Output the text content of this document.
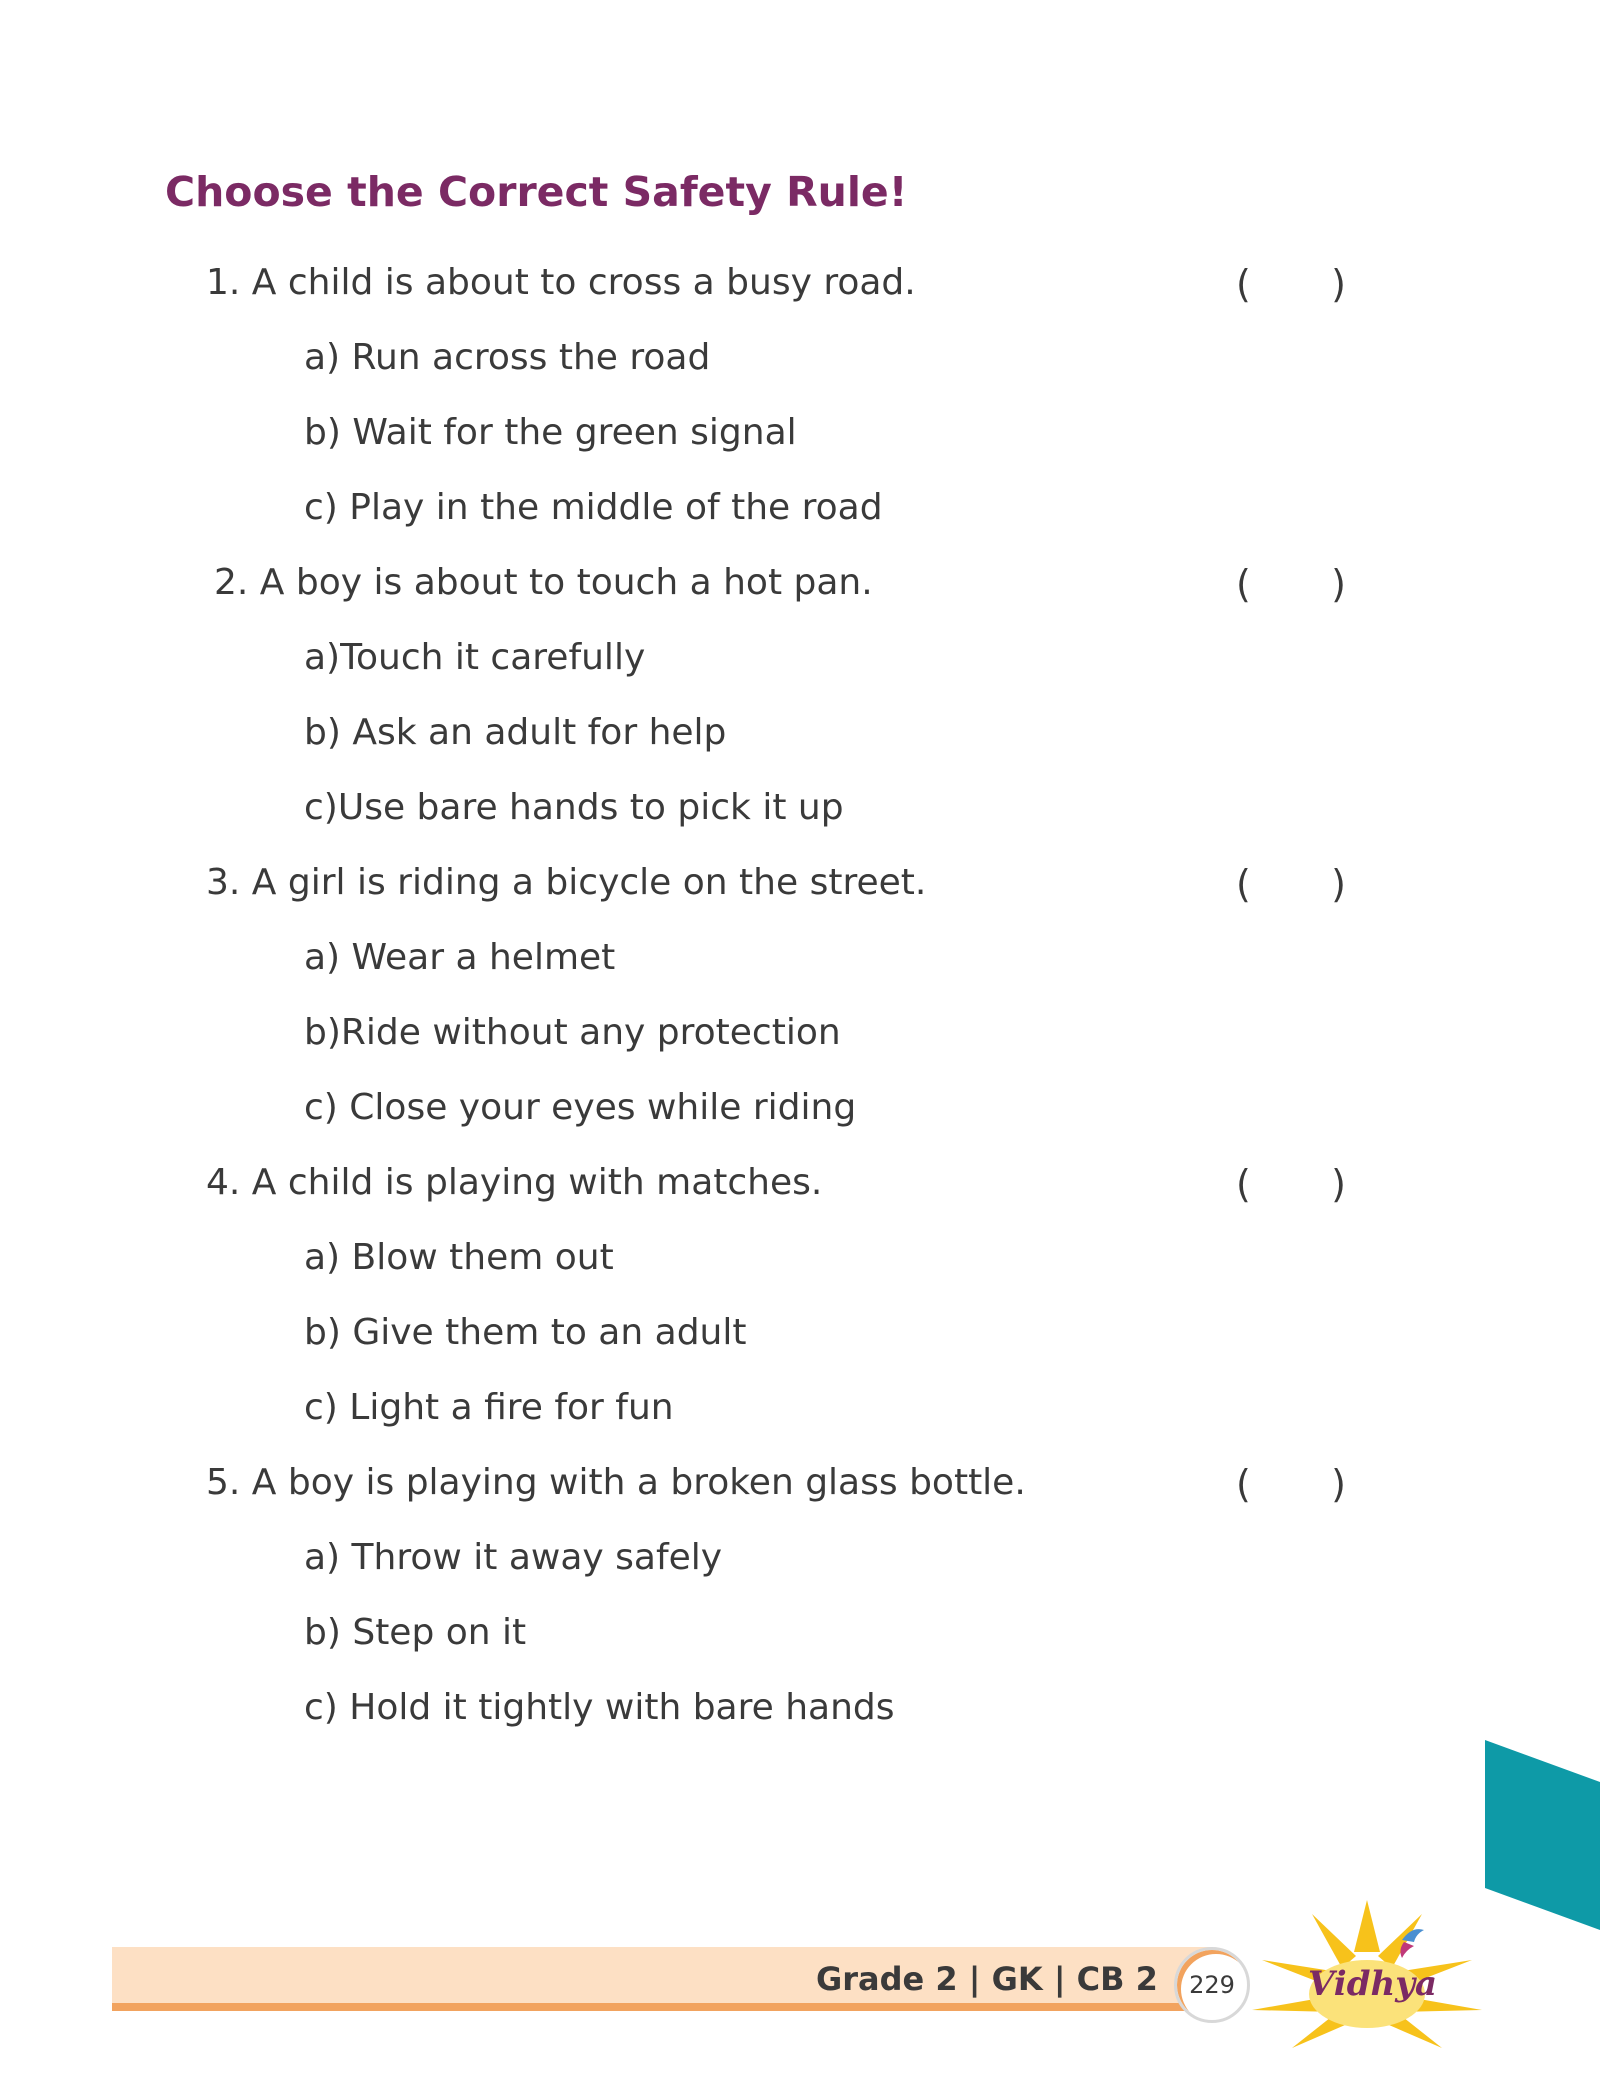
Choose the Correct Safety Rule!
1. A child is about to cross a busy road.	( )
a) Run across the road
b) Wait for the green signal
c) Play in the middle of the road
2. A boy is about to touch a hot pan.	( )
a)Touch it carefully
b) Ask an adult for help
c)Use bare hands to pick it up
3. A girl is riding a bicycle on the street.	( )
a) Wear a helmet
b)Ride without any protection
c) Close your eyes while riding
4. A child is playing with matches.	( )
a) Blow them out
b) Give them to an adult
c) Light a fire for fun
5. A boy is playing with a broken glass bottle.	( )
a) Throw it away safely
b) Step on it
c) Hold it tightly with bare hands
Grade 2 | GK | CB 2	229	Vidhya
